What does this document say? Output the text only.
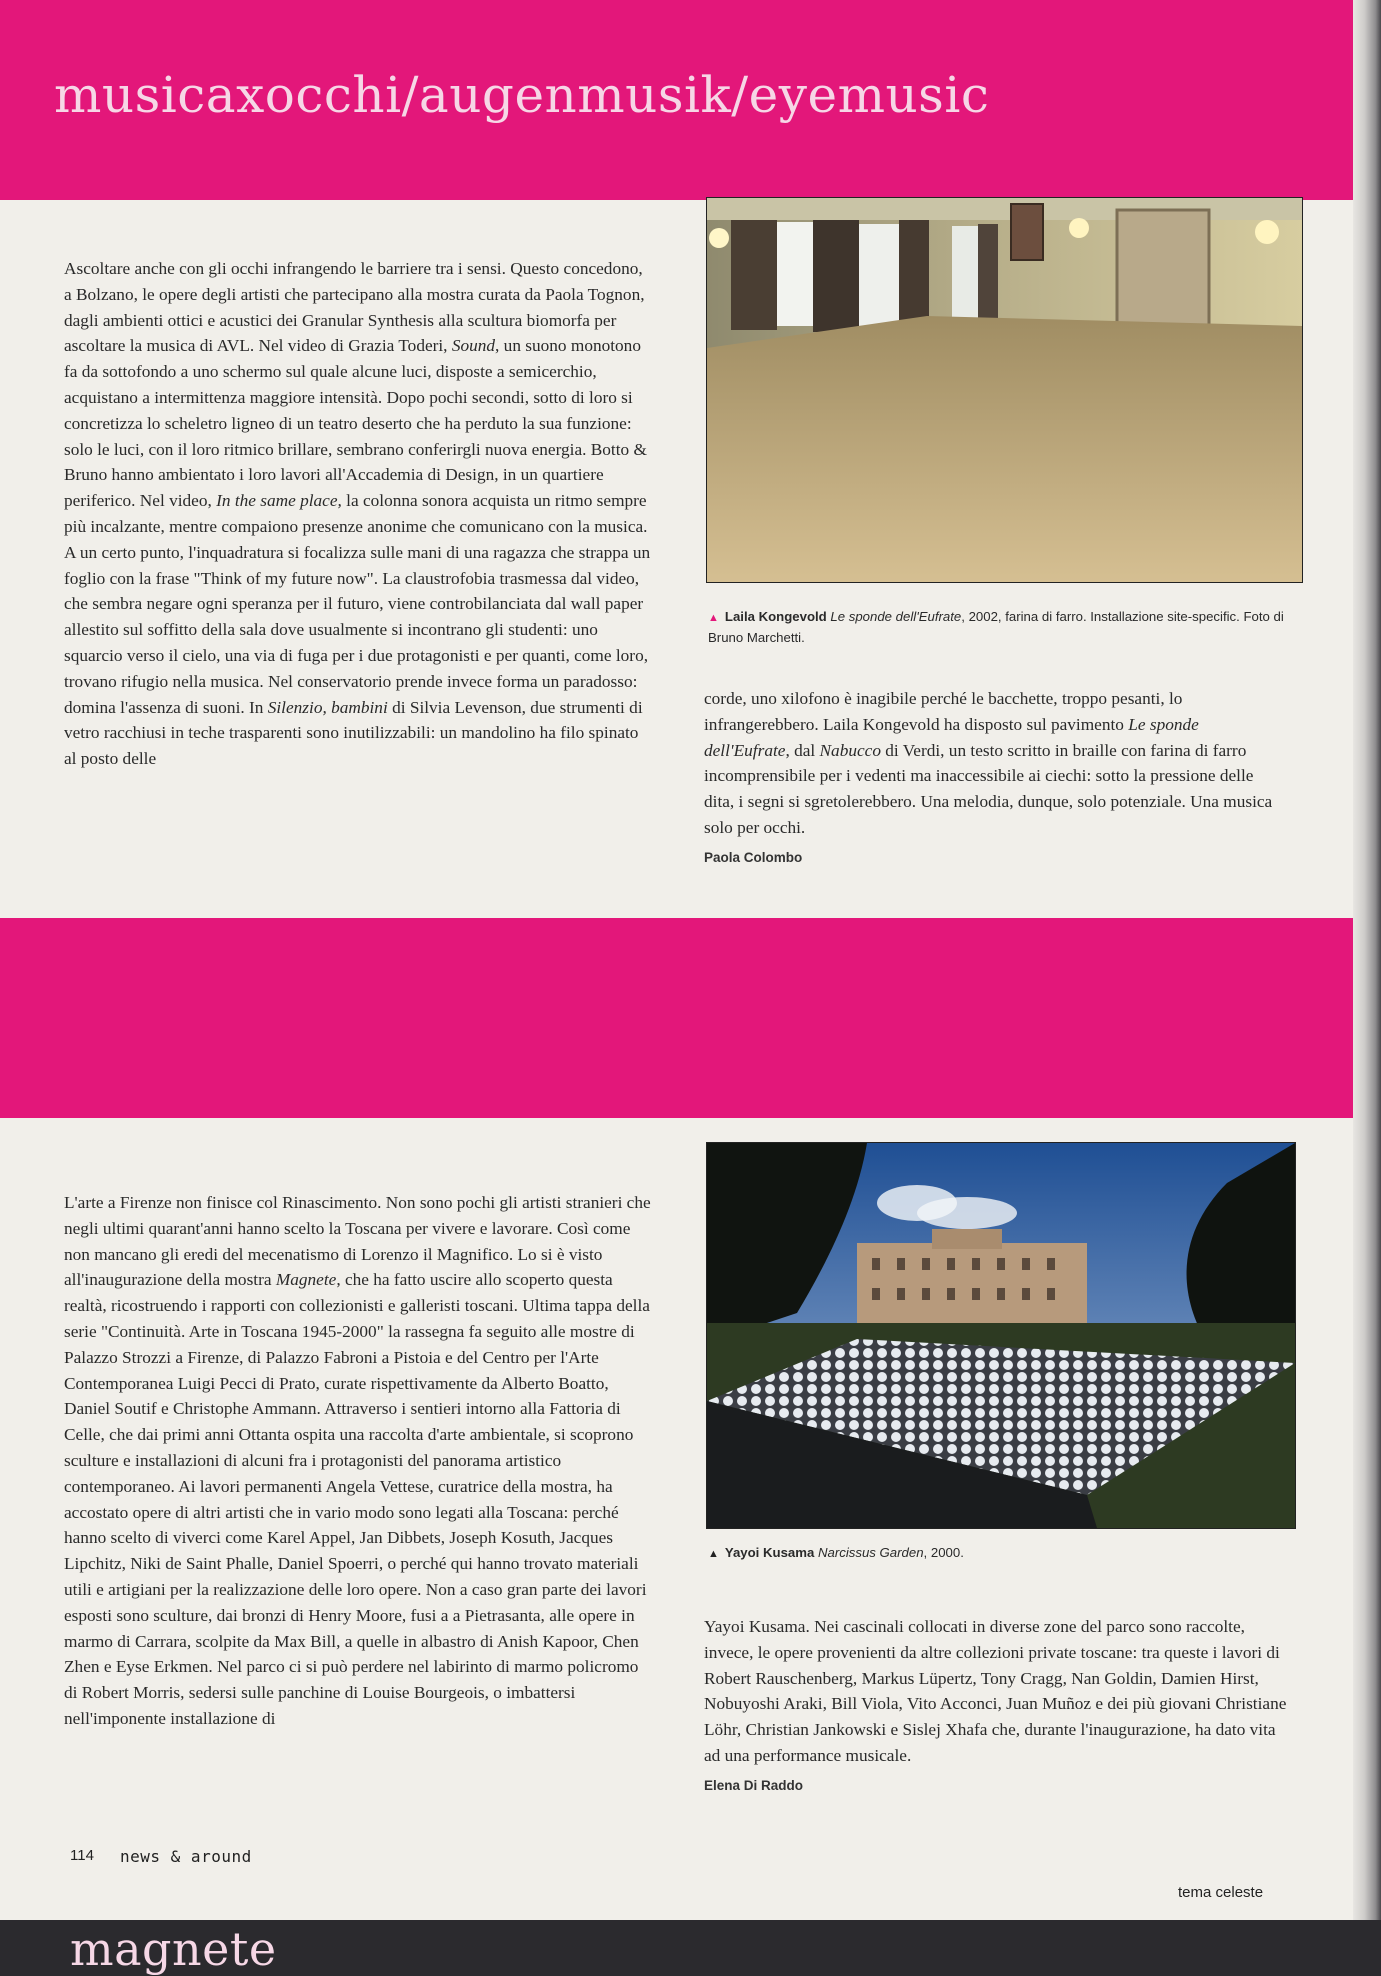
musicaxocchi/augenmusik/eyemusic

Ascoltare anche con gli occhi infrangendo le barriere tra i sensi. Questo concedono, a Bolzano, le opere degli artisti che partecipano alla mostra curata da Paola Tognon, dagli ambienti ottici e acustici dei Granular Synthesis alla scultura biomorfa per ascoltare la musica di AVL. Nel video di Grazia Toderi, Sound, un suono monotono fa da sottofondo a uno schermo sul quale alcune luci, disposte a semicerchio, acquistano a intermittenza maggiore intensità. Dopo pochi secondi, sotto di loro si concretizza lo scheletro ligneo di un teatro deserto che ha perduto la sua funzione: solo le luci, con il loro ritmico brillare, sembrano conferirgli nuova energia. Botto & Bruno hanno ambientato i loro lavori all'Accademia di Design, in un quartiere periferico. Nel video, In the same place, la colonna sonora acquista un ritmo sempre più incalzante, mentre compaiono presenze anonime che comunicano con la musica. A un certo punto, l'inquadratura si focalizza sulle mani di una ragazza che strappa un foglio con la frase "Think of my future now". La claustrofobia trasmessa dal video, che sembra negare ogni speranza per il futuro, viene controbilanciata dal wall paper allestito sul soffitto della sala dove usualmente si incontrano gli studenti: uno squarcio verso il cielo, una via di fuga per i due protagonisti e per quanti, come loro, trovano rifugio nella musica. Nel conservatorio prende invece forma un paradosso: domina l'assenza di suoni. In Silenzio, bambini di Silvia Levenson, due strumenti di vetro racchiusi in teche trasparenti sono inutilizzabili: un mandolino ha filo spinato al posto delle

▲ Laila Kongevold Le sponde dell'Eufrate, 2002, farina di farro. Installazione site-specific. Foto di Bruno Marchetti.

corde, uno xilofono è inagibile perché le bacchette, troppo pesanti, lo infrangerebbero. Laila Kongevold ha disposto sul pavimento Le sponde dell'Eufrate, dal Nabucco di Verdi, un testo scritto in braille con farina di farro incomprensibile per i vedenti ma inaccessibile ai ciechi: sotto la pressione delle dita, i segni si sgretolerebbero. Una melodia, dunque, solo potenziale. Una musica solo per occhi.

Paola Colombo
magnete

L'arte a Firenze non finisce col Rinascimento. Non sono pochi gli artisti stranieri che negli ultimi quarant'anni hanno scelto la Toscana per vivere e lavorare. Così come non mancano gli eredi del mecenatismo di Lorenzo il Magnifico. Lo si è visto all'inaugurazione della mostra Magnete, che ha fatto uscire allo scoperto questa realtà, ricostruendo i rapporti con collezionisti e galleristi toscani. Ultima tappa della serie "Continuità. Arte in Toscana 1945-2000" la rassegna fa seguito alle mostre di Palazzo Strozzi a Firenze, di Palazzo Fabroni a Pistoia e del Centro per l'Arte Contemporanea Luigi Pecci di Prato, curate rispettivamente da Alberto Boatto, Daniel Soutif e Christophe Ammann. Attraverso i sentieri intorno alla Fattoria di Celle, che dai primi anni Ottanta ospita una raccolta d'arte ambientale, si scoprono sculture e installazioni di alcuni fra i protagonisti del panorama artistico contemporaneo. Ai lavori permanenti Angela Vettese, curatrice della mostra, ha accostato opere di altri artisti che in vario modo sono legati alla Toscana: perché hanno scelto di viverci come Karel Appel, Jan Dibbets, Joseph Kosuth, Jacques Lipchitz, Niki de Saint Phalle, Daniel Spoerri, o perché qui hanno trovato materiali utili e artigiani per la realizzazione delle loro opere. Non a caso gran parte dei lavori esposti sono sculture, dai bronzi di Henry Moore, fusi a a Pietrasanta, alle opere in marmo di Carrara, scolpite da Max Bill, a quelle in albastro di Anish Kapoor, Chen Zhen e Eyse Erkmen. Nel parco ci si può perdere nel labirinto di marmo policromo di Robert Morris, sedersi sulle panchine di Louise Bourgeois, o imbattersi nell'imponente installazione di

▲ Yayoi Kusama Narcissus Garden, 2000.

Yayoi Kusama. Nei cascinali collocati in diverse zone del parco sono raccolte, invece, le opere provenienti da altre collezioni private toscane: tra queste i lavori di Robert Rauschenberg, Markus Lüpertz, Tony Cragg, Nan Goldin, Damien Hirst, Nobuyoshi Araki, Bill Viola, Vito Acconci, Juan Muñoz e dei più giovani Christiane Löhr, Christian Jankowski e Sislej Xhafa che, durante l'inaugurazione, ha dato vita ad una performance musicale.

Elena Di Raddo
114 news & around
tema celeste
